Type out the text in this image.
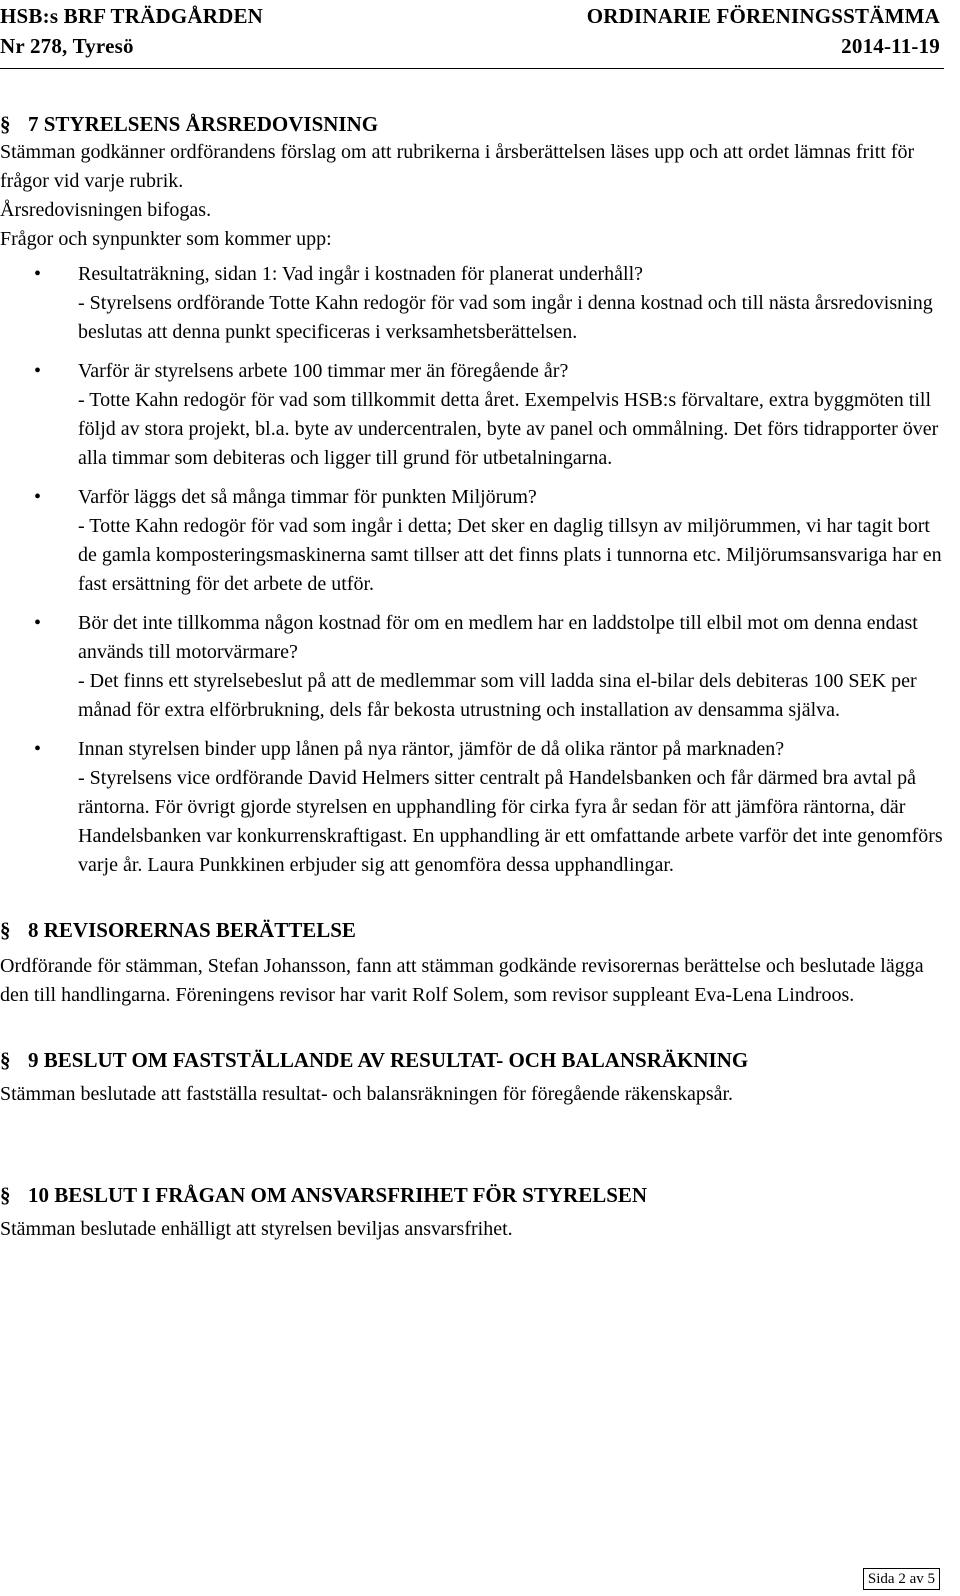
HSB:s BRF TRÄDGÅRDEN	ORDINARIE FÖRENINGSSTÄMMA
Nr 278, Tyresö	2014-11-19
§ 7 STYRELSENS ÅRSREDOVISNING

Stämman godkänner ordförandens förslag om att rubrikerna i årsberättelsen läses upp och att ordet lämnas fritt för frågor vid varje rubrik.

Årsredovisningen bifogas.

Frågor och synpunkter som kommer upp:

• Resultaträkning, sidan 1: Vad ingår i kostnaden för planerat underhåll?
- Styrelsens ordförande Totte Kahn redogör för vad som ingår i denna kostnad och till nästa årsredovisning beslutas att denna punkt specificeras i verksamhetsberättelsen.
• Varför är styrelsens arbete 100 timmar mer än föregående år?
- Totte Kahn redogör för vad som tillkommit detta året. Exempelvis HSB:s förvaltare, extra byggmöten till följd av stora projekt, bl.a. byte av undercentralen, byte av panel och ommålning. Det förs tidrapporter över alla timmar som debiteras och ligger till grund för utbetalningarna.
• Varför läggs det så många timmar för punkten Miljörum?
- Totte Kahn redogör för vad som ingår i detta; Det sker en daglig tillsyn av miljörummen, vi har tagit bort de gamla komposteringsmaskinerna samt tillser att det finns plats i tunnorna etc. Miljörumsansvariga har en fast ersättning för det arbete de utför.
• Bör det inte tillkomma någon kostnad för om en medlem har en laddstolpe till elbil mot om denna endast används till motorvärmare?
- Det finns ett styrelsebeslut på att de medlemmar som vill ladda sina el-bilar dels debiteras 100 SEK per månad för extra elförbrukning, dels får bekosta utrustning och installation av densamma själva.
• Innan styrelsen binder upp lånen på nya räntor, jämför de då olika räntor på marknaden?
- Styrelsens vice ordförande David Helmers sitter centralt på Handelsbanken och får därmed bra avtal på räntorna. För övrigt gjorde styrelsen en upphandling för cirka fyra år sedan för att jämföra räntorna, där Handelsbanken var konkurrenskraftigast. En upphandling är ett omfattande arbete varför det inte genomförs varje år. Laura Punkkinen erbjuder sig att genomföra dessa upphandlingar.
§ 8 REVISORERNAS BERÄTTELSE

Ordförande för stämman, Stefan Johansson, fann att stämman godkände revisorernas berättelse och beslutade lägga den till handlingarna. Föreningens revisor har varit Rolf Solem, som revisor suppleant Eva-Lena Lindroos.

§ 9 BESLUT OM FASTSTÄLLANDE AV RESULTAT- OCH BALANSRÄKNING

Stämman beslutade att fastställa resultat- och balansräkningen för föregående räkenskapsår.

§ 10 BESLUT I FRÅGAN OM ANSVARSFRIHET FÖR STYRELSEN

Stämman beslutade enhälligt att styrelsen beviljas ansvarsfrihet.

Sida 2 av 5
